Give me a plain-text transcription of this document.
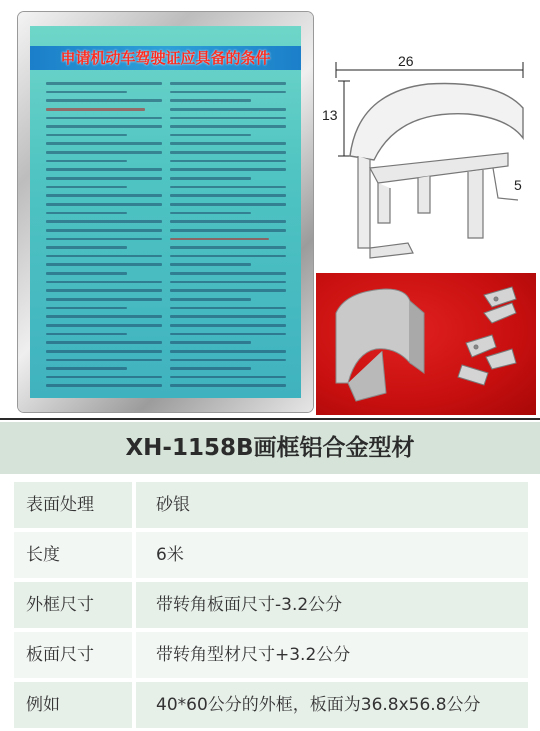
申请机动车驾驶证应具备的条件	26
13
5
XH-1158B画框铝合金型材
表面处理	砂银
长度	6米
外框尺寸	带转角板面尺寸-3.2公分
板面尺寸	带转角型材尺寸+3.2公分
例如	40*60公分的外框，板面为36.8x56.8公分
